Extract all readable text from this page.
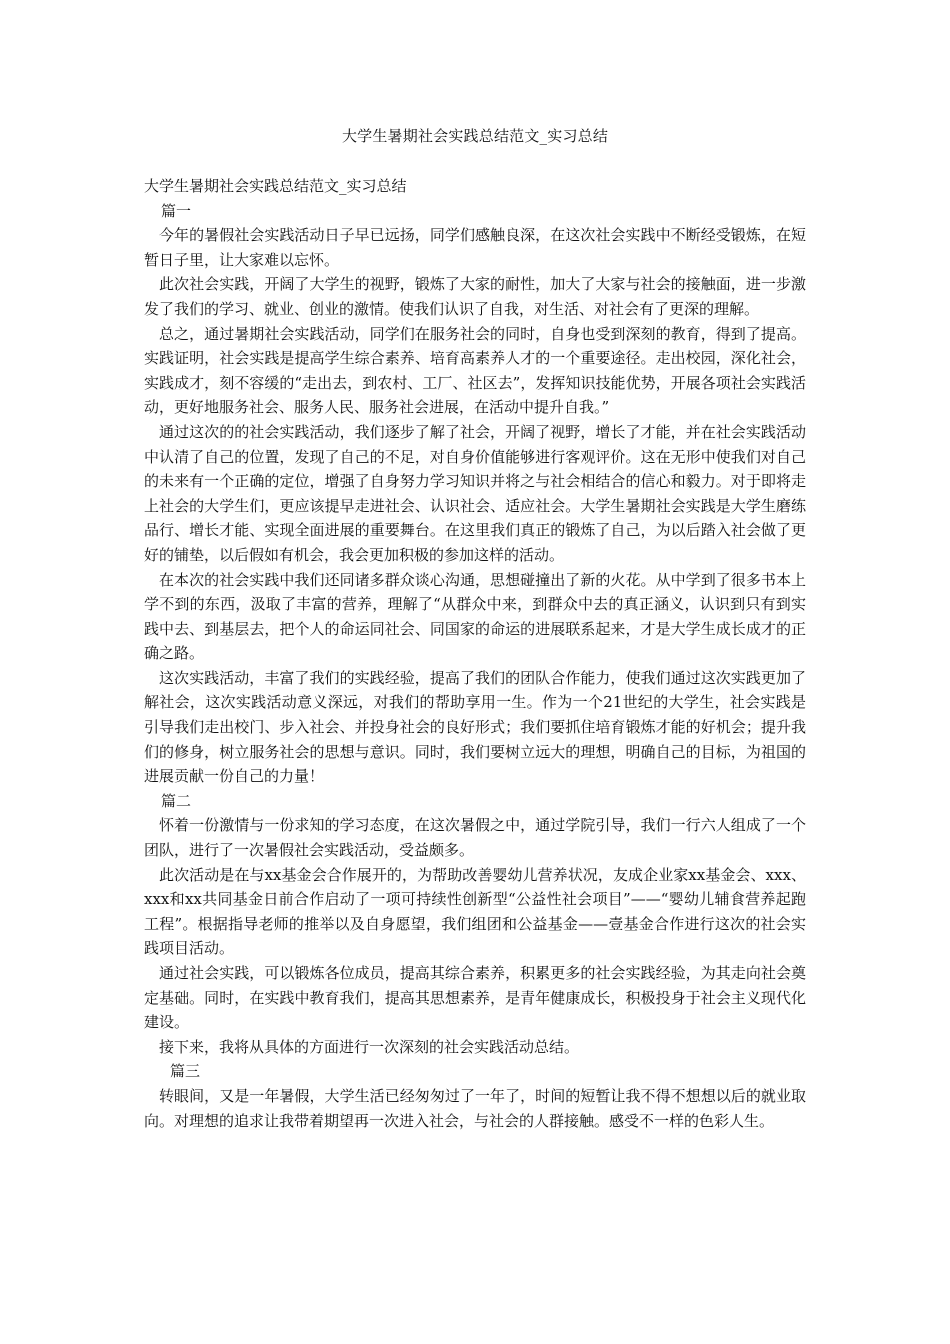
大学生暑期社会实践总结范文_实习总结

大学生暑期社会实践总结范文_实习总结

篇一

今年的暑假社会实践活动日子早已远扬，同学们感触良深，在这次社会实践中不断经受锻炼，在短暂日子里，让大家难以忘怀。

此次社会实践，开阔了大学生的视野，锻炼了大家的耐性，加大了大家与社会的接触面，进一步激发了我们的学习、就业、创业的激情。使我们认识了自我，对生活、对社会有了更深的理解。

总之，通过暑期社会实践活动，同学们在服务社会的同时，自身也受到深刻的教育，得到了提高。实践证明，社会实践是提高学生综合素养、培育高素养人才的一个重要途径。走出校园，深化社会，实践成才，刻不容缓的“走出去，到农村、工厂、社区去”，发挥知识技能优势，开展各项社会实践活动，更好地服务社会、服务人民、服务社会进展，在活动中提升自我。”

通过这次的的社会实践活动，我们逐步了解了社会，开阔了视野，增长了才能，并在社会实践活动中认清了自己的位置，发现了自己的不足，对自身价值能够进行客观评价。这在无形中使我们对自己的未来有一个正确的定位，增强了自身努力学习知识并将之与社会相结合的信心和毅力。对于即将走上社会的大学生们，更应该提早走进社会、认识社会、适应社会。大学生暑期社会实践是大学生磨练品行、增长才能、实现全面进展的重要舞台。在这里我们真正的锻炼了自己，为以后踏入社会做了更好的铺垫，以后假如有机会，我会更加积极的参加这样的活动。

在本次的社会实践中我们还同诸多群众谈心沟通，思想碰撞出了新的火花。从中学到了很多书本上学不到的东西，汲取了丰富的营养，理解了“从群众中来，到群众中去的真正涵义，认识到只有到实践中去、到基层去，把个人的命运同社会、同国家的命运的进展联系起来，才是大学生成长成才的正确之路。

这次实践活动，丰富了我们的实践经验，提高了我们的团队合作能力，使我们通过这次实践更加了解社会，这次实践活动意义深远，对我们的帮助享用一生。作为一个21世纪的大学生，社会实践是引导我们走出校门、步入社会、并投身社会的良好形式；我们要抓住培育锻炼才能的好机会；提升我们的修身，树立服务社会的思想与意识。同时，我们要树立远大的理想，明确自己的目标，为祖国的进展贡献一份自己的力量！

篇二

怀着一份激情与一份求知的学习态度，在这次暑假之中，通过学院引导，我们一行六人组成了一个团队，进行了一次暑假社会实践活动，受益颇多。

此次活动是在与xx基金会合作展开的，为帮助改善婴幼儿营养状况，友成企业家xx基金会、xxx、xxx和xx共同基金日前合作启动了一项可持续性创新型“公益性社会项目”——“婴幼儿辅食营养起跑工程”。根据指导老师的推举以及自身愿望，我们组团和公益基金——壹基金合作进行这次的社会实践项目活动。

通过社会实践，可以锻炼各位成员，提高其综合素养，积累更多的社会实践经验，为其走向社会奠定基础。同时，在实践中教育我们，提高其思想素养，是青年健康成长，积极投身于社会主义现代化建设。

接下来，我将从具体的方面进行一次深刻的社会实践活动总结。

篇三

转眼间，又是一年暑假，大学生活已经匆匆过了一年了，时间的短暂让我不得不想想以后的就业取向。对理想的追求让我带着期望再一次进入社会，与社会的人群接触。感受不一样的色彩人生。
